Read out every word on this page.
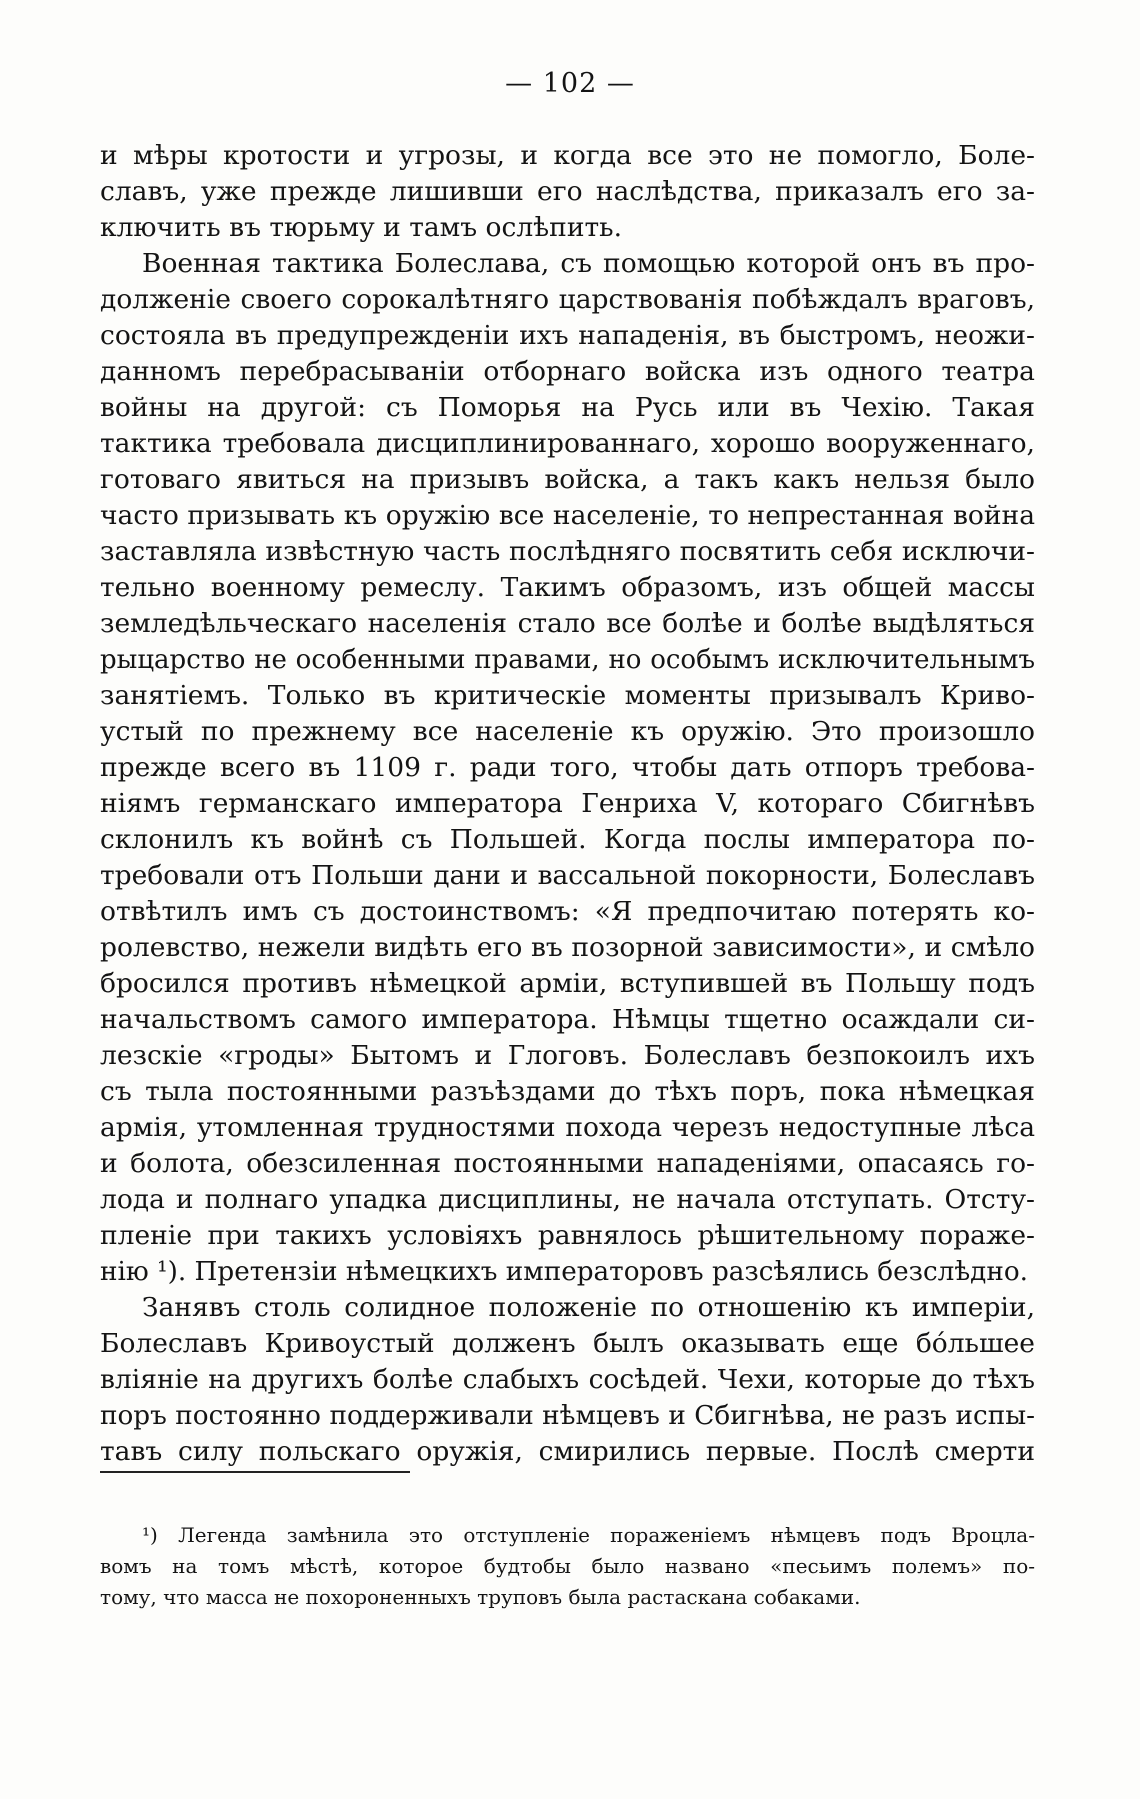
— 102 —
и мѣры кротости и угрозы, и когда все это не помогло, Боле-
славъ, уже прежде лишивши его наслѣдства, приказалъ его за-
ключить въ тюрьму и тамъ ослѣпить.
Военная тактика Болеслава, съ помощью которой онъ въ про-
долженіе своего сорокалѣтняго царствованія побѣждалъ враговъ,
состояла въ предупрежденіи ихъ нападенія, въ быстромъ, неожи-
данномъ перебрасываніи отборнаго войска изъ одного театра
войны на другой: съ Поморья на Русь или въ Чехію. Такая
тактика требовала дисциплинированнаго, хорошо вооруженнаго,
готоваго явиться на призывъ войска, а такъ какъ нельзя было
часто призывать къ оружію все населеніе, то непрестанная война
заставляла извѣстную часть послѣдняго посвятить себя исключи-
тельно военному ремеслу. Такимъ образомъ, изъ общей массы
земледѣльческаго населенія стало все болѣе и болѣе выдѣляться
рыцарство не особенными правами, но особымъ исключительнымъ
занятіемъ. Только въ критическіе моменты призывалъ Криво-
устый по прежнему все населеніе къ оружію. Это произошло
прежде всего въ 1109 г. ради того, чтобы дать отпоръ требова-
ніямъ германскаго императора Генриха V, котораго Сбигнѣвъ
склонилъ къ войнѣ съ Польшей. Когда послы императора по-
требовали отъ Польши дани и вассальной покорности, Болеславъ
отвѣтилъ имъ съ достоинствомъ: «Я предпочитаю потерять ко-
ролевство, нежели видѣть его въ позорной зависимости», и смѣло
бросился противъ нѣмецкой арміи, вступившей въ Польшу подъ
начальствомъ самого императора. Нѣмцы тщетно осаждали си-
лезскіе «гроды» Бытомъ и Глоговъ. Болеславъ безпокоилъ ихъ
съ тыла постоянными разъѣздами до тѣхъ поръ, пока нѣмецкая
армія, утомленная трудностями похода черезъ недоступные лѣса
и болота, обезсиленная постоянными нападеніями, опасаясь го-
лода и полнаго упадка дисциплины, не начала отступать. Отсту-
пленіе при такихъ условіяхъ равнялось рѣшительному пораже-
нію ¹). Претензіи нѣмецкихъ императоровъ разсѣялись безслѣдно.
Занявъ столь солидное положеніе по отношенію къ имперіи,
Болеславъ Кривоустый долженъ былъ оказывать еще бóльшее
вліяніе на другихъ болѣе слабыхъ сосѣдей. Чехи, которые до тѣхъ
поръ постоянно поддерживали нѣмцевъ и Сбигнѣва, не разъ испы-
тавъ силу польскаго оружія, смирились первые. Послѣ смерти
¹) Легенда замѣнила это отступленіе пораженіемъ нѣмцевъ подъ Вроцла-
вомъ на томъ мѣстѣ, которое будтобы было названо «песьимъ полемъ» по-
тому, что масса не похороненныхъ труповъ была растаскана собаками.
